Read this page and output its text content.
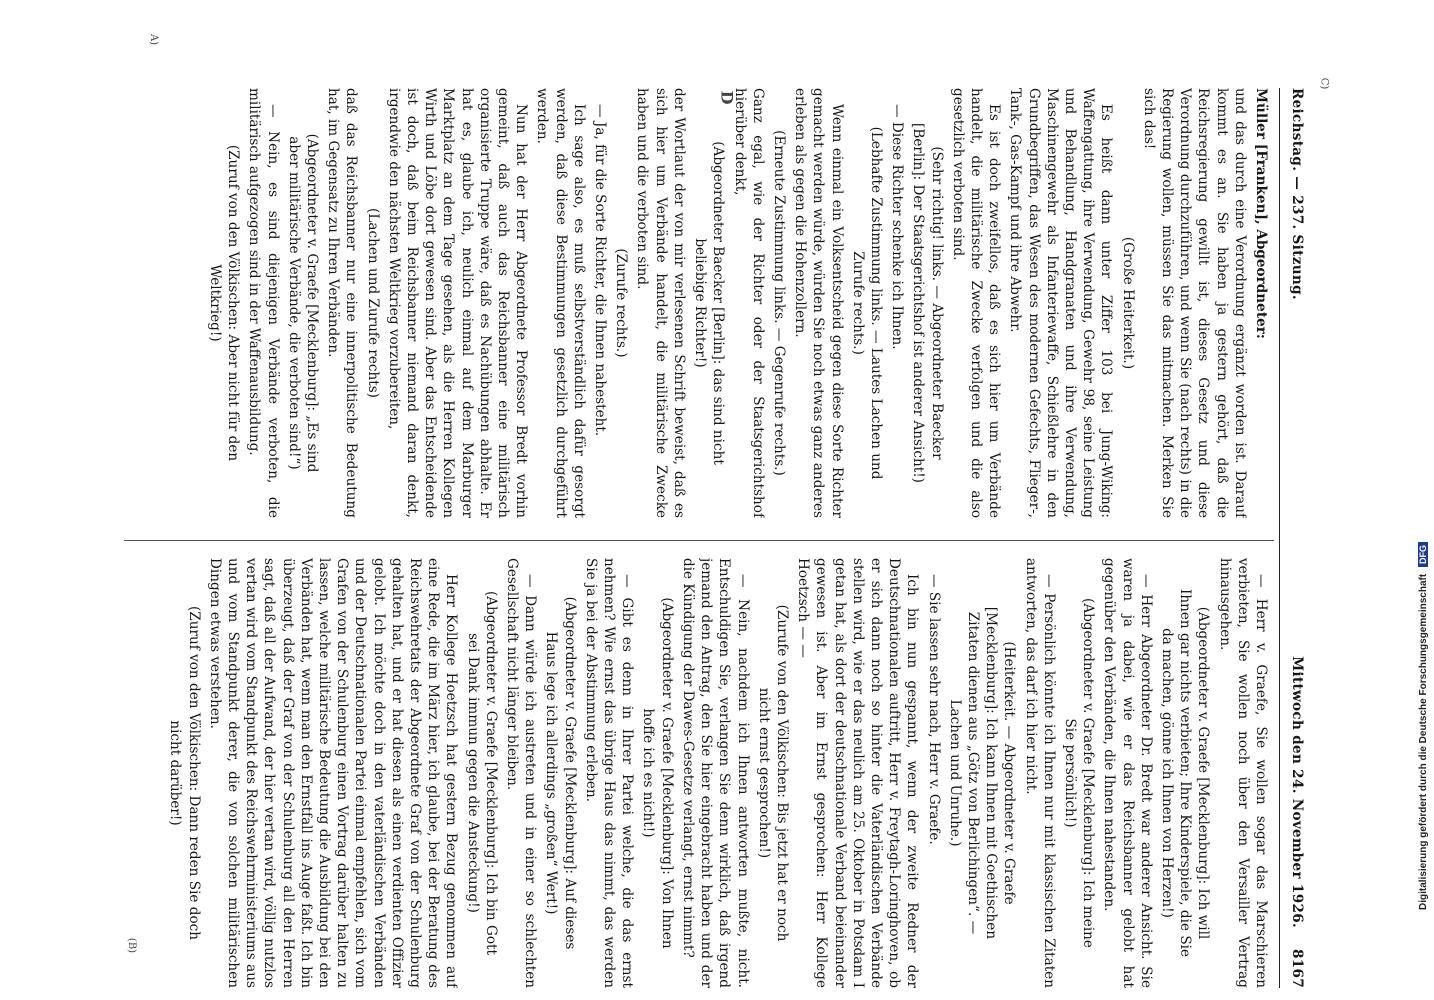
Reichstag. — 237. Sitzung.
Mittwoch den 24. November 1926.
8167

Müller [Franken], Abgeordneter:

und das durch eine Verordnung ergänzt worden ist. Darauf kommt es an. Sie haben ja gestern gehört, daß die Reichsregierung gewillt ist, dieses Gesetz und diese Verordnung durchzuführen, und wenn Sie (nach rechts) in die Regierung wollen, müssen Sie das mitmachen. Merken Sie sich das!

(Große Heiterkeit.)

Es heißt dann unter Ziffer 103 bei Jung-Wiking: Waffengattung, ihre Verwendung, Gewehr 98, seine Leistung und Behandlung, Handgranaten und ihre Verwendung, Maschinengewehr als Infanteriewaffe, Schießlehre in den Grundbegriffen, das Wesen des modernen Gefechts, Flieger-, Tank-, Gas-Kampf und ihre Abwehr.

Es ist doch zweifellos, daß es sich hier um Verbände handelt, die militärische Zwecke verfolgen und die also gesetzlich verboten sind.

(Sehr richtig! links. — Abgeordneter Baecker [Berlin]: Der Staatsgerichtshof ist anderer Ansicht!)

— Diese Richter schenke ich Ihnen.

(Lebhafte Zustimmung links. — Lautes Lachen und Zurufe rechts.)

Wenn einmal ein Volksentscheid gegen diese Sorte Richter gemacht werden würde, würden Sie noch etwas ganz anderes erleben als gegen die Hohenzollern.

(Erneute Zustimmung links. — Gegenrufe rechts.)

Ganz egal, wie der Richter oder der Staatsgerichtshof hierüber denkt,

(Abgeordneter Baecker [Berlin]: das sind nicht beliebige Richter!)

der Wortlaut der von mir verlesenen Schrift beweist, daß es sich hier um Verbände handelt, die militärische Zwecke haben und die verboten sind.

(Zurufe rechts.)

— Ja, für die Sorte Richter, die Ihnen nahesteht.

Ich sage also, es muß selbstverständlich dafür gesorgt werden, daß diese Bestimmungen gesetzlich durchgeführt werden.

Nun hat der Herr Abgeordnete Professor Bredt vorhin gemeint, daß auch das Reichsbanner eine militärisch organisierte Truppe wäre, daß es Nachübungen abhalte. Er hat es, glaube ich, neulich einmal auf dem Marburger Marktplatz an dem Tage gesehen, als die Herren Kollegen Wirth und Löbe dort gewesen sind. Aber das Entscheidende ist doch, daß beim Reichsbanner niemand daran denkt, irgendwie den nächsten Weltkrieg vorzubereiten,

(Lachen und Zurufe rechts)

daß das Reichsbanner nur eine innerpolitische Bedeutung hat, im Gegensatz zu Ihren Verbänden.

(Abgeordneter v. Graefe [Mecklenburg]: „Es sind aber militärische Verbände, die verboten sind!“)

— Nein, es sind diejenigen Verbände verboten, die militärisch aufgezogen sind in der Waffenausbildung.

(Zuruf von den Völkischen: Aber nicht für den Weltkrieg!)

— Herr v. Graefe, Sie wollen sogar das Marschieren verbieten, Sie wollen noch über den Versailler Vertrag hinausgehen.

(Abgeordneter v. Graefe [Mecklenburg]: Ich will Ihnen gar nichts verbieten; Ihre Kinderspiele, die Sie da machen, gönne ich Ihnen von Herzen!)

— Herr Abgeordneter Dr. Bredt war anderer Ansicht. Sie waren ja dabei, wie er das Reichsbanner gelobt hat gegenüber den Verbänden, die Ihnen nahestanden.

(Abgeordneter v. Graefe [Mecklenburg]: Ich meine Sie persönlich!)

— Persönlich könnte ich Ihnen nur mit klassischen Zitaten antworten, das darf ich hier nicht.

(Heiterkeit. — Abgeordneter v. Graefe [Mecklenburg]: Ich kann Ihnen mit Goethischen Zitaten dienen aus „Götz von Berlichingen“. — Lachen und Unruhe.)

— Sie lassen sehr nach, Herr v. Graefe.

Ich bin nun gespannt, wenn der zweite Redner der Deutschnationalen auftritt, Herr v. Freytagh-Loringhoven, ob er sich dann noch so hinter die Vaterländischen Verbände stellen wird, wie er das neulich am 25. Oktober in Potsdam I getan hat, als dort der deutschnationale Verband beieinander gewesen ist. Aber im Ernst gesprochen: Herr Kollege Hoetzsch — —

(Zurufe von den Völkischen: Bis jetzt hat er noch nicht ernst gesprochen!)

— Nein, nachdem ich Ihnen antworten mußte, nicht. Entschuldigen Sie, verlangen Sie denn wirklich, daß irgend jemand den Antrag, den Sie hier eingebracht haben und der die Kündigung der Dawes-Gesetze verlangt, ernst nimmt?

(Abgeordneter v. Graefe [Mecklenburg]: Von Ihnen hoffe ich es nicht!)

— Gibt es denn in Ihrer Partei welche, die das ernst nehmen? Wie ernst das übrige Haus das nimmt, das werden Sie ja bei der Abstimmung erleben.

(Abgeordneter v. Graefe [Mecklenburg]: Auf dieses Haus lege ich allerdings „großen“ Wert!)

— Dann würde ich austreten und in einer so schlechten Gesellschaft nicht länger bleiben.

(Abgeordneter v. Graefe [Mecklenburg]: Ich bin Gott sei Dank immun gegen die Ansteckung!)

Herr Kollege Hoetzsch hat gestern Bezug genommen auf eine Rede, die im März hier, ich glaube, bei der Beratung des Reichswehretats der Abgeordnete Graf von der Schulenburg gehalten hat, und er hat diesen als einen verdienten Offizier gelobt. Ich möchte doch in den vaterländischen Verbänden und der Deutschnationalen Partei einmal empfehlen, sich vom Grafen von der Schulenburg einen Vortrag darüber halten zu lassen, welche militärische Bedeutung die Ausbildung bei den Verbänden hat, wenn man den Ernstfall ins Auge faßt. Ich bin überzeugt, daß der Graf von der Schulenburg all den Herren sagt, daß all der Aufwand, der hier vertan wird, völlig nutzlos vertan wird vom Standpunkt des Reichswehrministeriums aus und vom Standpunkt derer, die von solchen militärischen Dingen etwas verstehen.

(Zuruf von den Völkischen: Dann reden Sie doch nicht darüber!)

A)
(B)
C)
D
Digitalisierung gefördert durch die Deutsche Forschungsgemeinschaft DFG
